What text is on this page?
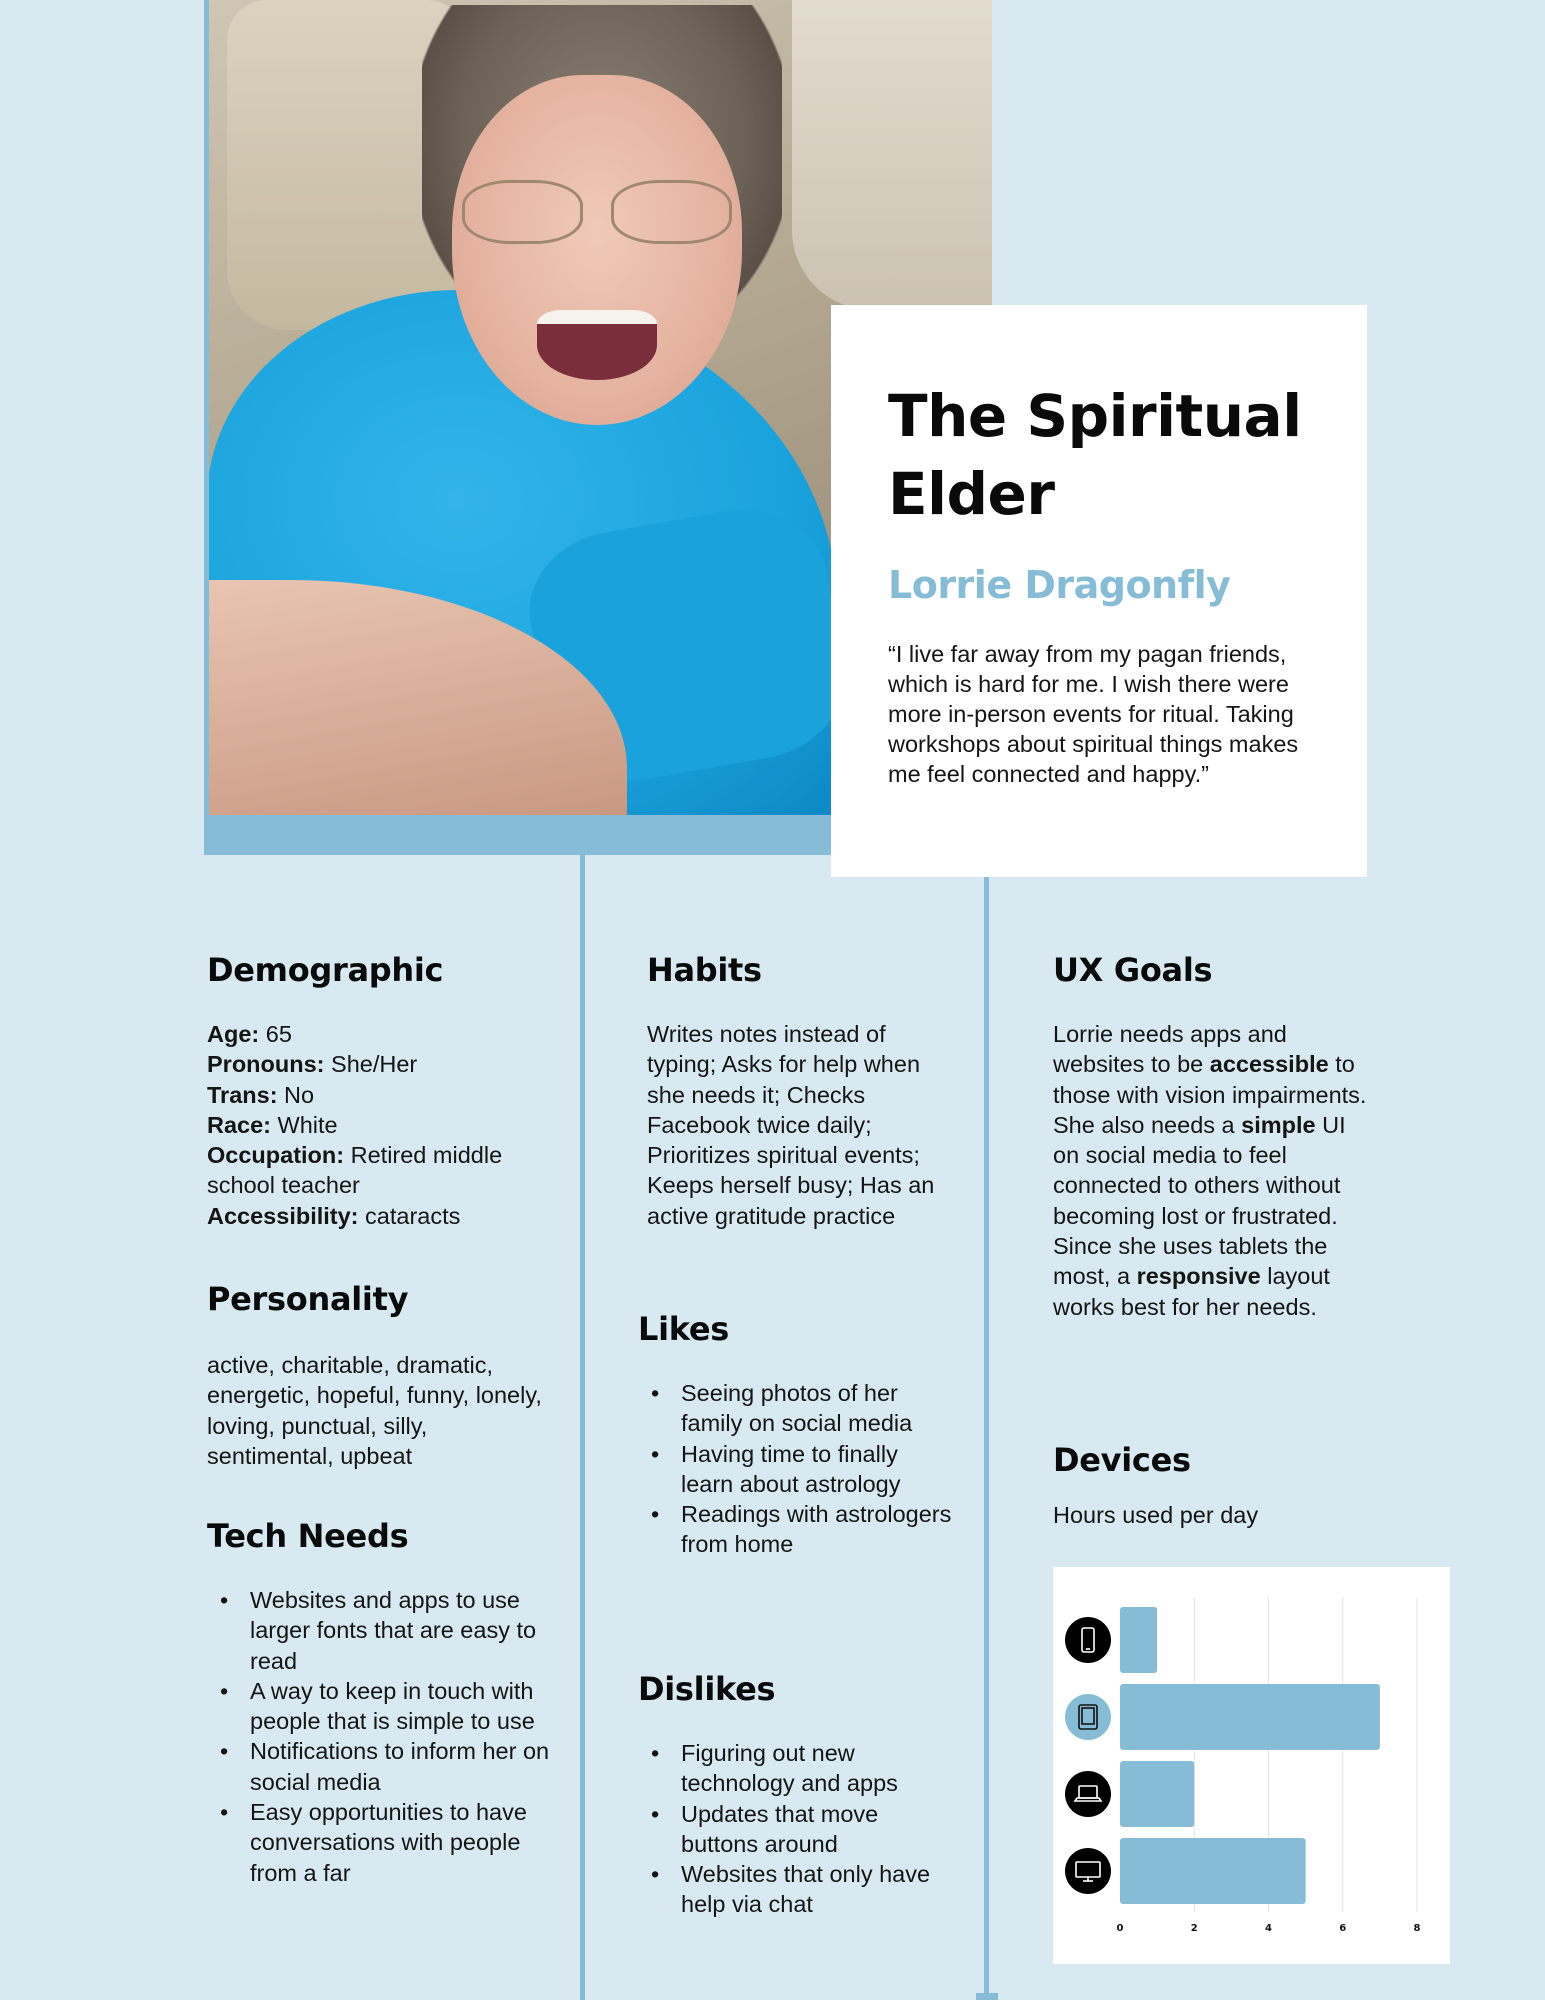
The Spiritual Elder
Lorrie Dragonfly

“I live far away from my pagan friends, which is hard for me. I wish there were more in-person events for ritual. Taking workshops about spiritual things makes me feel connected and happy.”

Demographic
Age: 65
Pronouns: She/Her
Trans: No
Race: White
Occupation: Retired middle school teacher
Accessibility: cataracts
Personality
active, charitable, dramatic, energetic, hopeful, funny, lonely, loving, punctual, silly, sentimental, upbeat
Tech Needs
• Websites and apps to use larger fonts that are easy to read
• A way to keep in touch with people that is simple to use
• Notifications to inform her on social media
• Easy opportunities to have conversations with people from a far
Habits
Writes notes instead of typing; Asks for help when she needs it; Checks Facebook twice daily; Prioritizes spiritual events; Keeps herself busy; Has an active gratitude practice
Likes
• Seeing photos of her family on social media
• Having time to finally learn about astrology
• Readings with astrologers from home
Dislikes
• Figuring out new technology and apps
• Updates that move buttons around
• Websites that only have help via chat
UX Goals
Lorrie needs apps and websites to be accessible to those with vision impairments. She also needs a simple UI on social media to feel connected to others without becoming lost or frustrated. Since she uses tablets the most, a responsive layout works best for her needs.
Devices
Hours used per day
0	2	4	6	8
